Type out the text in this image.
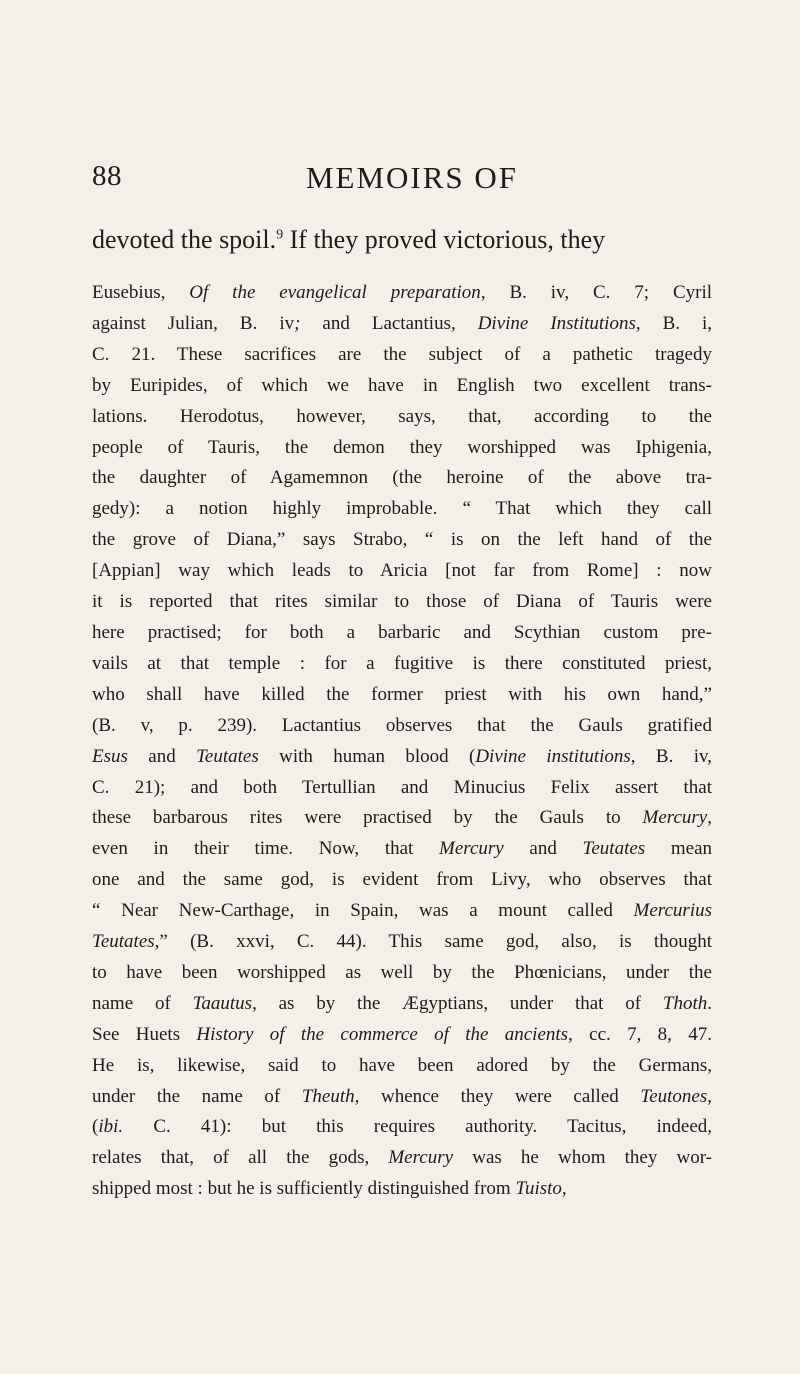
88	MEMOIRS OF
devoted the spoil.$^9$ If they proved victorious, they
Eusebius, Of the evangelical preparation, B. iv, C. 7; Cyril
against Julian, B. iv; and Lactantius, Divine Institutions, B. i,
C. 21. These sacrifices are the subject of a pathetic tragedy
by Euripides, of which we have in English two excellent trans-
lations. Herodotus, however, says, that, according to the
people of Tauris, the demon they worshipped was Iphigenia,
the daughter of Agamemnon (the heroine of the above tra-
gedy): a notion highly improbable. “ That which they call
the grove of Diana,” says Strabo, “ is on the left hand of the
[Appian] way which leads to Aricia [not far from Rome] : now
it is reported that rites similar to those of Diana of Tauris were
here practised; for both a barbaric and Scythian custom pre-
vails at that temple : for a fugitive is there constituted priest,
who shall have killed the former priest with his own hand,”
(B. v, p. 239). Lactantius observes that the Gauls gratified
Esus and Teutates with human blood (Divine institutions, B. iv,
C. 21); and both Tertullian and Minucius Felix assert that
these barbarous rites were practised by the Gauls to Mercury,
even in their time. Now, that Mercury and Teutates mean
one and the same god, is evident from Livy, who observes that
“ Near New-Carthage, in Spain, was a mount called Mercurius
Teutates,” (B. xxvi, C. 44). This same god, also, is thought
to have been worshipped as well by the Phœnicians, under the
name of Taautus, as by the Ægyptians, under that of Thoth.
See Huets History of the commerce of the ancients, cc. 7, 8, 47.
He is, likewise, said to have been adored by the Germans,
under the name of Theuth, whence they were called Teutones,
(ibi. C. 41): but this requires authority. Tacitus, indeed,
relates that, of all the gods, Mercury was he whom they wor-
shipped most : but he is sufficiently distinguished from Tuisto,
